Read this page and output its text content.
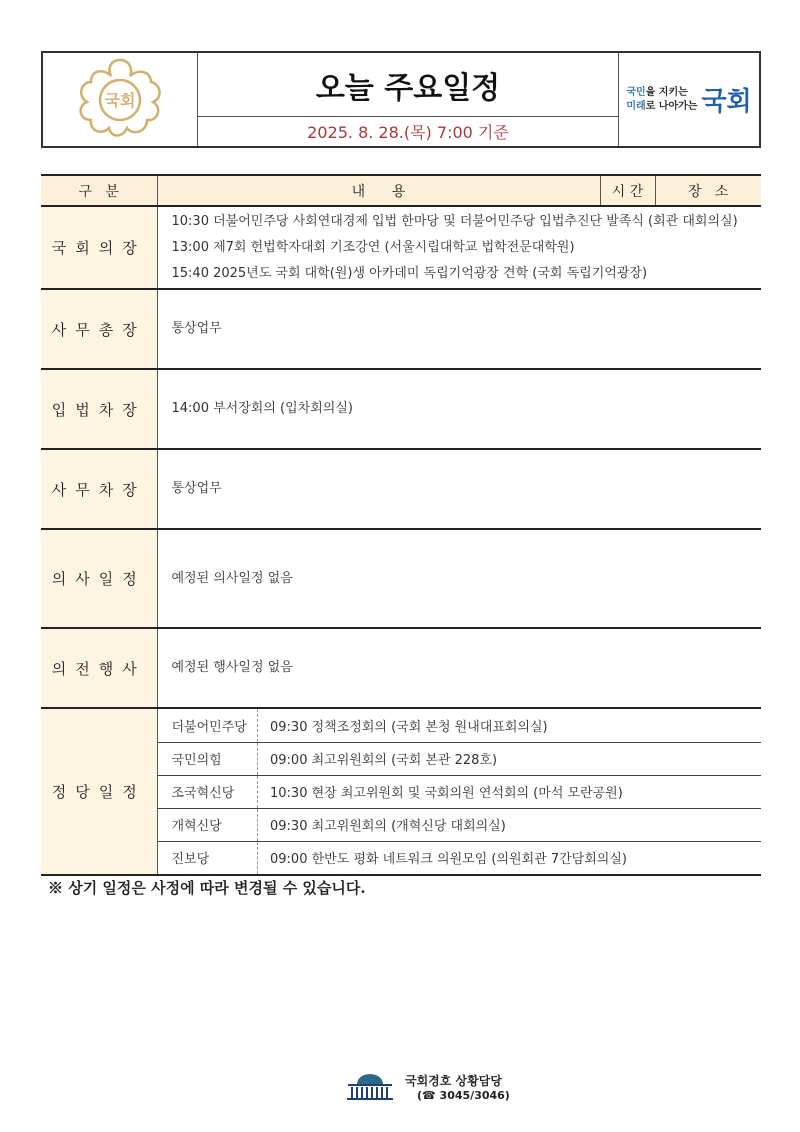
국회	오늘 주요일정
2025. 8. 28.(목) 7:00 기준
국민을 지키는
미래로 나아가는 국회
구   분	내      용	시 간	장   소
국회의장	
10:30 더불어민주당 사회연대경제 입법 한마당 및 더불어민주당 입법추진단 발족식 (회관 대회의실)
13:00 제7회 헌법학자대회 기조강연 (서울시립대학교 법학전문대학원)
15:40 2025년도 국회 대학(원)생 아카데미 독립기억광장 견학 (국회 독립기억광장)

사무총장	통상업무

입법차장	14:00 부서장회의 (입차회의실)

사무차장	통상업무

의사일정	예정된 의사일정 없음

의전행사	예정된 행사일정 없음

정당일정	
더불어민주당	09:30 정책조정회의 (국회 본청 원내대표회의실)
국민의힘	09:00 최고위원회의 (국회 본관 228호)
조국혁신당	10:30 현장 최고위원회 및 국회의원 연석회의 (마석 모란공원)
개혁신당	09:30 최고위원회의 (개혁신당 대회의실)
진보당	09:00 한반도 평화 네트워크 의원모임 (의원회관 7간담회의실)
※ 상기 일정은 사정에 따라 변경될 수 있습니다.
국회경호 상황담당
(☎ 3045/3046)
